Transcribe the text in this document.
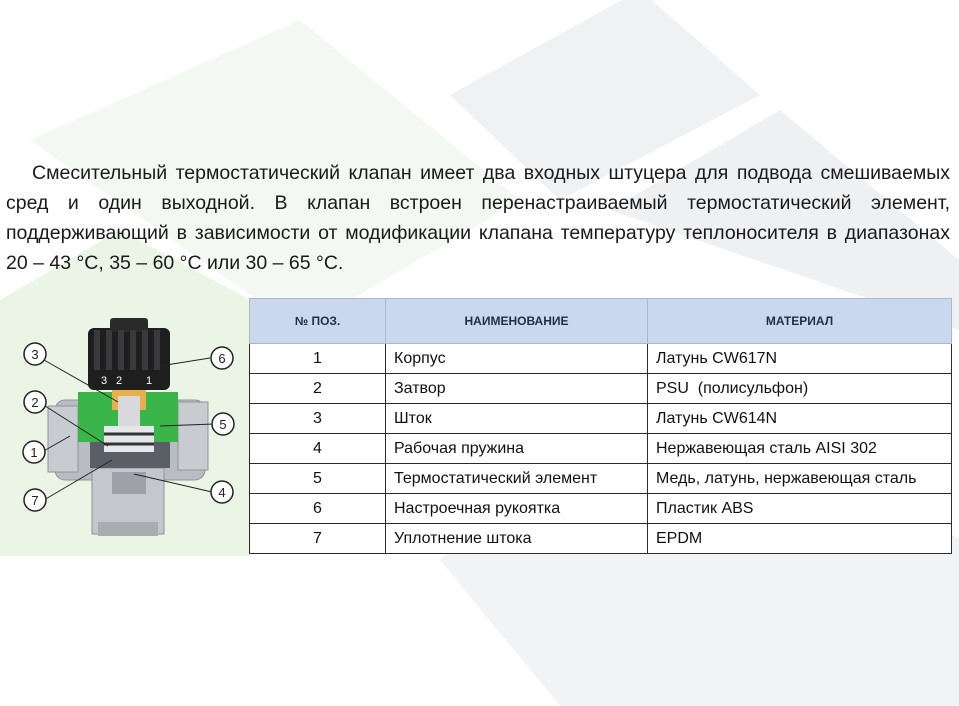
Смесительный термостатический клапан имеет два входных штуцера для подвода смешиваемых сред и один выходной. В клапан встроен перенастраиваемый термостатический элемент, поддерживающий в зависимости от модификации клапана температуру теплоносителя в диапазонах 20 – 43 °C, 35 – 60 °C или 30 – 65 °C.
3 2 1
3	6
2
5
1
7
4
№ ПОЗ.	НАИМЕНОВАНИЕ	МАТЕРИАЛ
1	Корпус	Латунь CW617N
2	Затвор	PSU  (полисульфон)
3	Шток	Латунь CW614N
4	Рабочая пружина	Нержавеющая сталь AISI 302
5	Термостатический элемент	Медь, латунь, нержавеющая сталь
6	Настроечная рукоятка	Пластик ABS
7	Уплотнение штока	EPDM
